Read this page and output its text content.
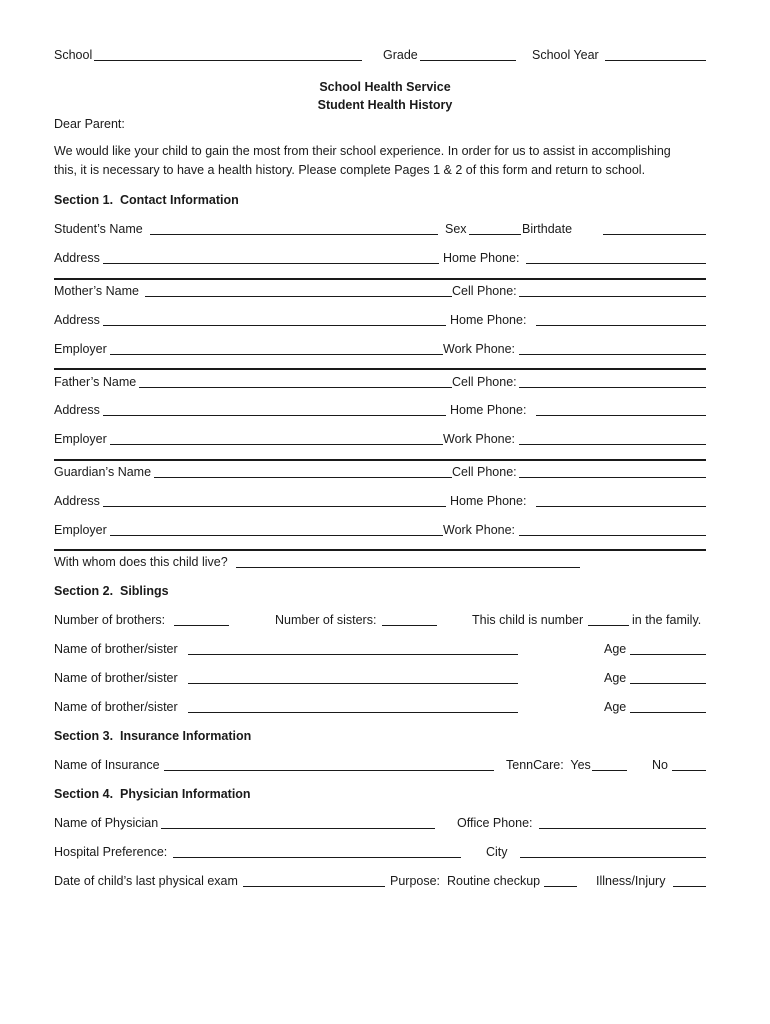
School	Grade	School Year
School Health Service
Student Health History
Dear Parent:
We would like your child to gain the most from their school experience. In order for us to assist in accomplishing
this, it is necessary to have a health history. Please complete Pages 1 & 2 of this form and return to school.
Section 1.  Contact Information
Student’s Name	Sex	Birthdate
Address	Home Phone:
Mother’s Name	Cell Phone:
Address	Home Phone:
Employer	Work Phone:
Father’s Name	Cell Phone:
Address	Home Phone:
Employer	Work Phone:
Guardian’s Name	Cell Phone:
Address	Home Phone:
Employer	Work Phone:
With whom does this child live?
Section 2.  Siblings
Number of brothers:	Number of sisters:	This child is number	in the family.
Name of brother/sister	Age
Name of brother/sister	Age
Name of brother/sister	Age
Section 3.  Insurance Information
Name of Insurance	TennCare:  Yes	No
Section 4.  Physician Information
Name of Physician	Office Phone:
Hospital Preference:	City
Date of child’s last physical exam	Purpose:  Routine checkup	Illness/Injury
